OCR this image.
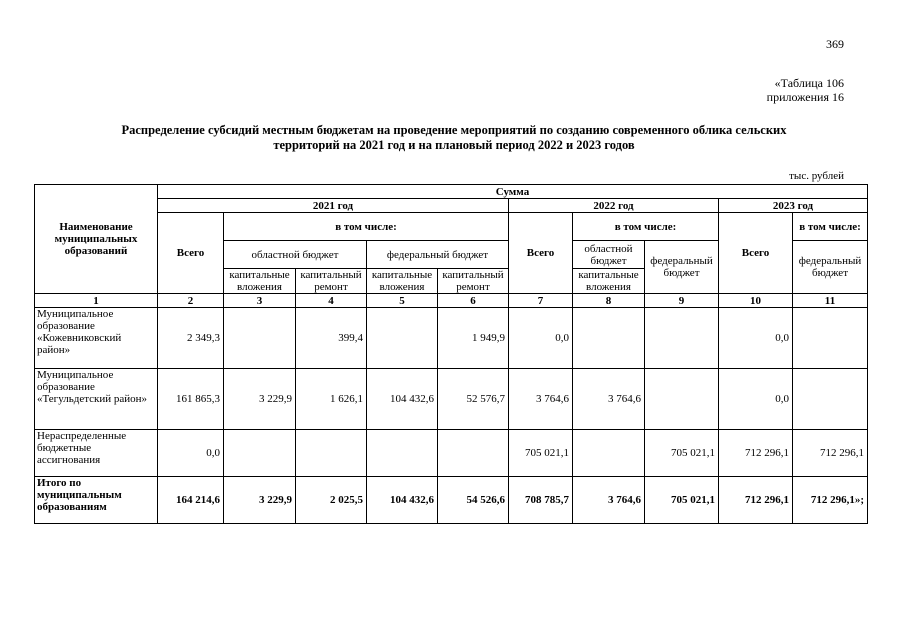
369
«Таблица 106
приложения 16
Распределение субсидий местным бюджетам на проведение мероприятий по созданию современного облика сельских
территорий на 2021 год и на плановый период 2022 и 2023 годов
тыс. рублей
Наименование муниципальных образований	Сумма									
	2021 год					2022 год			2023 год	
	Всего	в том числе:				Всего	в том числе:		Всего	в том числе:
		областной бюджет		федеральный бюджет			областной бюджет	федеральный бюджет		федеральный бюджет
		капитальные вложения	капитальный ремонт	капитальные вложения	капитальный ремонт		капитальные вложения			
1	2	3	4	5	6	7	8	9	10	11
Муниципальное образование «Кожевниковский район»	2 349,3		399,4		1 949,9	0,0			0,0	
Муниципальное образование «Тегульдетский район»	161 865,3	3 229,9	1 626,1	104 432,6	52 576,7	3 764,6	3 764,6		0,0	
Нераспределенные бюджетные ассигнования	0,0					705 021,1		705 021,1	712 296,1	712 296,1
Итого по муниципальным образованиям	164 214,6	3 229,9	2 025,5	104 432,6	54 526,6	708 785,7	3 764,6	705 021,1	712 296,1	712 296,1»;
